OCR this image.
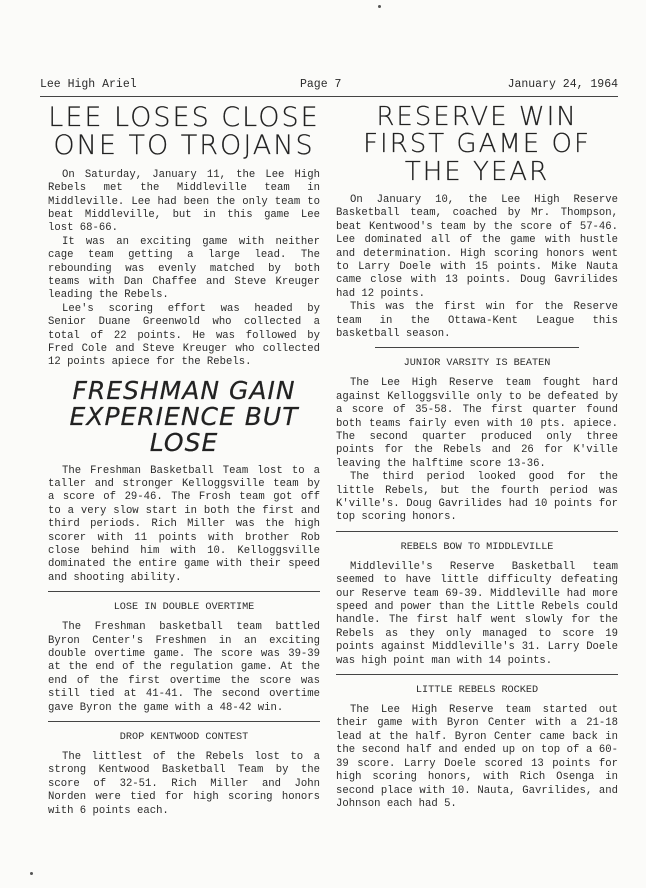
Lee High Ariel	Page 7	January 24, 1964
LEE LOSES CLOSE ONE TO TROJANS

On Saturday, January 11, the Lee High Rebels met the Middleville team in Middleville. Lee had been the only team to beat Middleville, but in this game Lee lost 68-66.

It was an exciting game with neither cage team getting a large lead. The rebounding was evenly matched by both teams with Dan Chaffee and Steve Kreuger leading the Rebels.

Lee's scoring effort was headed by Senior Duane Greenwold who collected a total of 22 points. He was followed by Fred Cole and Steve Kreuger who collected 12 points apiece for the Rebels.

FRESHMAN GAIN EXPERIENCE BUT LOSE

The Freshman Basketball Team lost to a taller and stronger Kelloggsville team by a score of 29-46. The Frosh team got off to a very slow start in both the first and third periods. Rich Miller was the high scorer with 11 points with brother Rob close behind him with 10. Kelloggsville dominated the entire game with their speed and shooting ability.

LOSE IN DOUBLE OVERTIME

The Freshman basketball team battled Byron Center's Freshmen in an exciting double overtime game. The score was 39-39 at the end of the regulation game. At the end of the first overtime the score was still tied at 41-41. The second overtime gave Byron the game with a 48-42 win.

DROP KENTWOOD CONTEST

The littlest of the Rebels lost to a strong Kentwood Basketball Team by the score of 32-51. Rich Miller and John Norden were tied for high scoring honors with 6 points each.

RESERVE WIN FIRST GAME OF THE YEAR

On January 10, the Lee High Reserve Basketball team, coached by Mr. Thompson, beat Kentwood's team by the score of 57-46. Lee dominated all of the game with hustle and determination. High scoring honors went to Larry Doele with 15 points. Mike Nauta came close with 13 points. Doug Gavrilides had 12 points.

This was the first win for the Reserve team in the Ottawa-Kent League this basketball season.

JUNIOR VARSITY IS BEATEN

The Lee High Reserve team fought hard against Kelloggsville only to be defeated by a score of 35-58. The first quarter found both teams fairly even with 10 pts. apiece. The second quarter produced only three points for the Rebels and 26 for K'ville leaving the halftime score 13-36.

The third period looked good for the little Rebels, but the fourth period was K'ville's. Doug Gavrilides had 10 points for top scoring honors.

REBELS BOW TO MIDDLEVILLE

Middleville's Reserve Basketball team seemed to have little difficulty defeating our Reserve team 69-39. Middleville had more speed and power than the Little Rebels could handle. The first half went slowly for the Rebels as they only managed to score 19 points against Middleville's 31. Larry Doele was high point man with 14 points.

LITTLE REBELS ROCKED

The Lee High Reserve team started out their game with Byron Center with a 21-18 lead at the half. Byron Center came back in the second half and ended up on top of a 60-39 score. Larry Doele scored 13 points for high scoring honors, with Rich Osenga in second place with 10. Nauta, Gavrilides, and Johnson each had 5.
